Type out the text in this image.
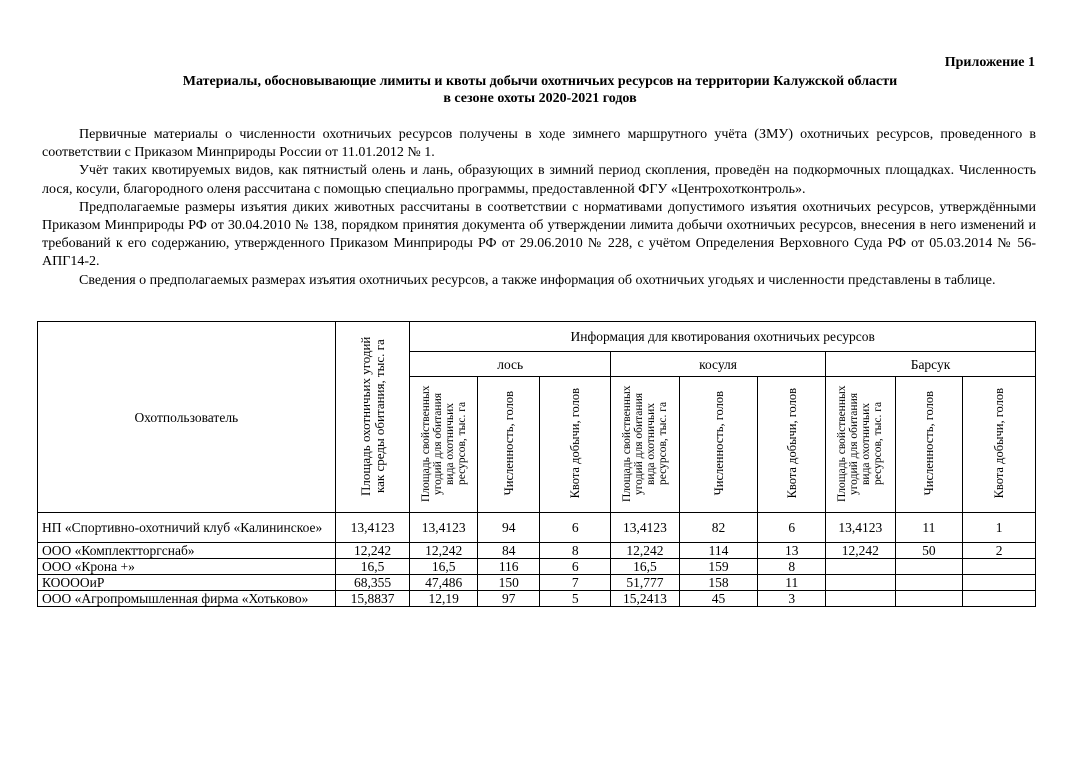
Приложение 1
Материалы, обосновывающие лимиты и квоты добычи охотничьих ресурсов на территории Калужской области
в сезоне охоты 2020-2021 годов

Первичные материалы о численности охотничьих ресурсов получены в ходе зимнего маршрутного учёта (ЗМУ) охотничьих ресурсов, проведенного в соответствии с Приказом Минприроды России от 11.01.2012 № 1.

Учёт таких квотируемых видов, как пятнистый олень и лань, образующих в зимний период скопления, проведён на подкормочных площадках. Численность лося, косули, благородного оленя рассчитана с помощью специально программы, предоставленной ФГУ «Центрохотконтроль».

Предполагаемые размеры изъятия диких животных рассчитаны в соответствии с нормативами допустимого изъятия охотничьих ресурсов, утверждёнными Приказом Минприроды РФ от 30.04.2010 № 138, порядком принятия документа об утверждении лимита добычи охотничьих ресурсов, внесения в него изменений и требований к его содержанию, утвержденного Приказом Минприроды РФ от 29.06.2010 № 228, с учётом Определения Верховного Суда РФ от 05.03.2014 № 56-АПГ14-2.

Сведения о предполагаемых размерах изъятия охотничьих ресурсов, а также информация об охотничьих угодьях и численности представлены в таблице.

Охотпользователь	Площадь охотничьих угодий как среды обитания, тыс. га	Информация для квотирования охотничьих ресурсов								
		лось			косуля			Барсук		
		Площадь свойственных угодий для обитания вида охотничьих ресурсов, тыс. га	Численность, голов	Квота добычи, голов	Площадь свойственных угодий для обитания вида охотничьих ресурсов, тыс. га	Численность, голов	Квота добычи, голов	Площадь свойственных угодий для обитания вида охотничьих ресурсов, тыс. га	Численность, голов	Квота добычи, голов
НП «Спортивно-охотничий клуб «Калининское»	13,4123	13,4123	94	6	13,4123	82	6	13,4123	11	1
ООО «Комплектторгснаб»	12,242	12,242	84	8	12,242	114	13	12,242	50	2
ООО «Крона +»	16,5	16,5	116	6	16,5	159	8			
КОООOиР	68,355	47,486	150	7	51,777	158	11			
ООО «Агропромышленная фирма «Хотьково»	15,8837	12,19	97	5	15,2413	45	3			
